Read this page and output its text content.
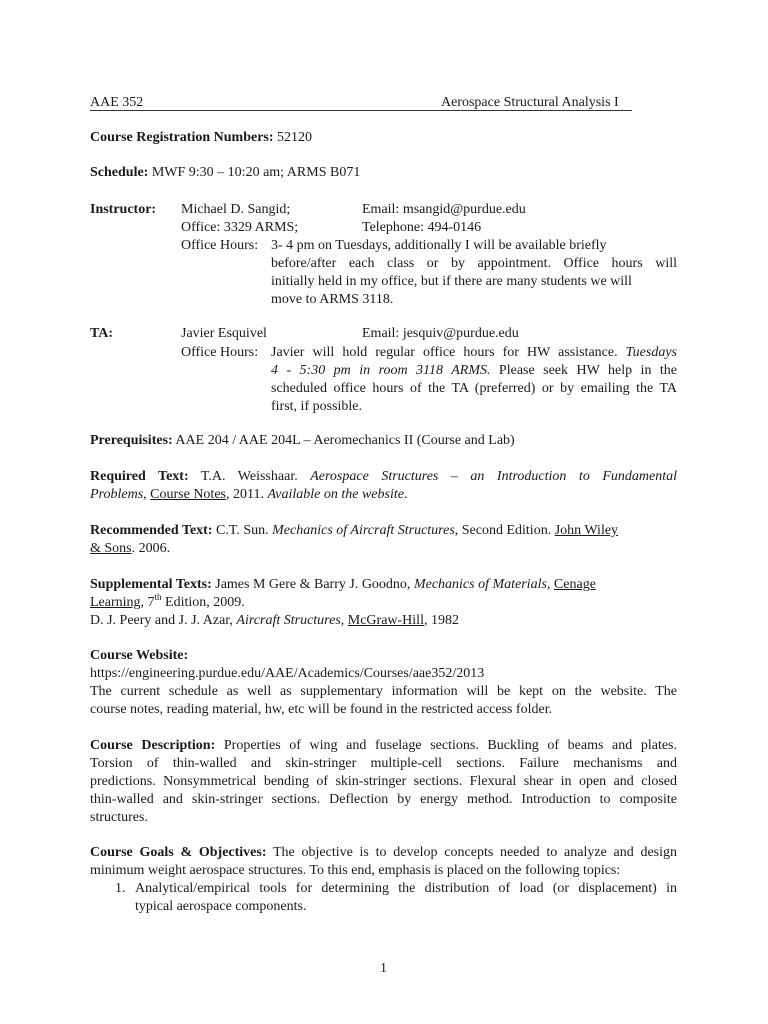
AAE 352	Aerospace Structural Analysis I
Course Registration Numbers: 52120
Schedule: MWF 9:30 – 10:20 am; ARMS B071
Instructor: Michael D. Sangid;	Email: msangid@purdue.edu
Office: 3329 ARMS;	Telephone: 494-0146
Office Hours: 3- 4 pm on Tuesdays, additionally I will be available briefly
before/after each class or by appointment. Office hours will
initially held in my office, but if there are many students we will
move to ARMS 3118.
TA:	Javier Esquivel	Email: jesquiv@purdue.edu
Office Hours: Javier will hold regular office hours for HW assistance. Tuesdays
4 - 5:30 pm in room 3118 ARMS. Please seek HW help in the
scheduled office hours of the TA (preferred) or by emailing the TA
first, if possible.
Prerequisites: AAE 204 / AAE 204L – Aeromechanics II (Course and Lab)
Required Text: T.A. Weisshaar. Aerospace Structures – an Introduction to Fundamental
Problems, Course Notes, 2011. Available on the website.
Recommended Text: C.T. Sun. Mechanics of Aircraft Structures, Second Edition. John Wiley
& Sons. 2006.
Supplemental Texts: James M Gere & Barry J. Goodno, Mechanics of Materials, Cenage
Learning, 7th Edition, 2009.
D. J. Peery and J. J. Azar, Aircraft Structures, McGraw-Hill, 1982
Course Website:
https://engineering.purdue.edu/AAE/Academics/Courses/aae352/2013
The current schedule as well as supplementary information will be kept on the website. The
course notes, reading material, hw, etc will be found in the restricted access folder.
Course Description: Properties of wing and fuselage sections. Buckling of beams and plates.
Torsion of thin-walled and skin-stringer multiple-cell sections. Failure mechanisms and
predictions. Nonsymmetrical bending of skin-stringer sections. Flexural shear in open and closed
thin-walled and skin-stringer sections. Deflection by energy method. Introduction to composite
structures.
Course Goals & Objectives: The objective is to develop concepts needed to analyze and design
minimum weight aerospace structures. To this end, emphasis is placed on the following topics:
1. Analytical/empirical tools for determining the distribution of load (or displacement) in
typical aerospace components.
1
